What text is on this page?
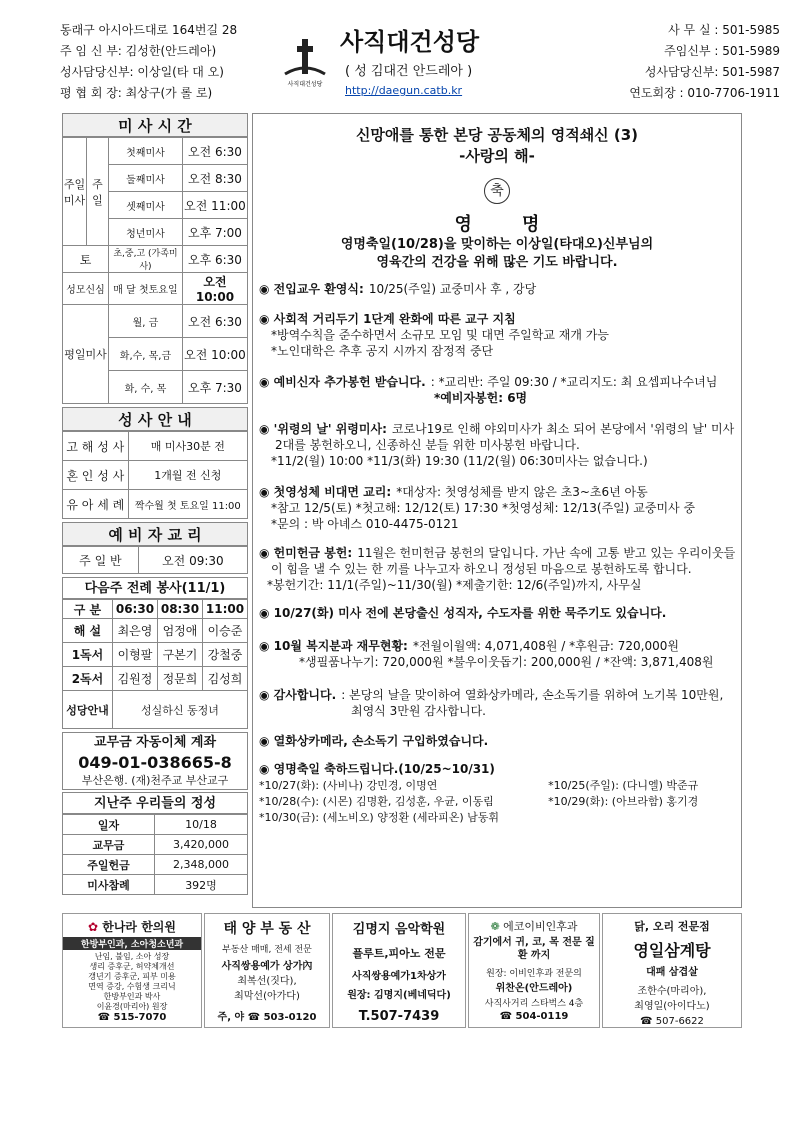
동래구 아시아드대로 164번길 28
주 임 신 부: 김성한(안드레아)
성사담당신부: 이상일(타 대 오)
평 협 회 장: 최상구(가 롤 로)
사직대건성당
사직대건성당
( 성 김대건 안드레아 )
http://daegun.catb.kr
사 무 실 : 501-5985
주임신부 : 501-5989
성사담당신부: 501-5987
연도회장 : 010-7706-1911
미 사 시 간
주일미사	주일	첫째미사	오전 6:30
		둘째미사	오전 8:30
		셋째미사	오전 11:00
		청년미사	오후 7:00
토		초,중,고 (가족미사)	오후 6:30
성모신심		매 달 첫토요일	오전 10:00
평일미사		월, 금	오전 6:30
		화,수, 목,금	오전 10:00
		화, 수, 목	오후 7:30
성 사 안 내
고 해 성 사	매 미사30분 전
혼 인 성 사	1개월 전 신청
유 아 세 례	짝수월 첫 토요일 11:00
예 비 자 교 리
주 일 반	오전 09:30
다음주 전례 봉사(11/1)
구 분	06:30	08:30	11:00
해 설	최은영	엄정애	이승준
1독서	이형팔	구본기	강철중
2독서	김원정	정문희	김성희
성당안내	성실하신 동정녀		
교무금 자동이체 계좌
049-01-038665-8
부산은행. (재)천주교 부산교구
지난주 우리들의 정성
일자	10/18
교무금	3,420,000
주일헌금	2,348,000
미사참례	392명
신망애를 통한 본당 공동체의 영적쇄신 (3)
-사랑의 해-
축
영        명
영명축일(10/28)을 맞이하는 이상일(타대오)신부님의
영육간의 건강을 위해 많은 기도 바랍니다.
◉ 전입교우 환영식: 10/25(주일) 교중미사 후 , 강당
◉ 사회적 거리두기 1단계 완화에 따른 교구 지침
*방역수칙을 준수하면서 소규모 모임 및 대면 주일학교 재개 가능
*노인대학은 추후 공지 시까지 잠정적 중단
◉ 예비신자 추가봉헌 받습니다. : *교리반: 주일 09:30 / *교리지도: 최 요셉피나수녀님
*예비자봉헌: 6명
◉ '위령의 날' 위령미사: 코로나19로 인해 야외미사가 최소 되어 본당에서 '위령의 날' 미사
2대를 봉헌하오니, 신종하신 분들 위한 미사봉헌 바랍니다.
*11/2(월) 10:00 *11/3(화) 19:30 (11/2(월) 06:30미사는 없습니다.)
◉ 첫영성체 비대면 교리: *대상자: 첫영성체를 받지 않은 초3~초6년 아동
*참고 12/5(토) *첫고해: 12/12(토) 17:30 *첫영성체: 12/13(주일) 교중미사 중
*문의 : 박 아녜스 010-4475-0121
◉ 헌미헌금 봉헌: 11월은 헌미헌금 봉헌의 달입니다. 가난 속에 고통 받고 있는 우리이웃들
이 힘을 낼 수 있는 한 끼를 나누고자 하오니 정성된 마음으로 봉헌하도록 합니다.
*봉헌기간: 11/1(주일)~11/30(월) *제출기한: 12/6(주일)까지, 사무실
◉ 10/27(화) 미사 전에 본당출신 성직자, 수도자를 위한 묵주기도 있습니다.
◉ 10월 복지분과 재무현황: *전월이월액: 4,071,408원 / *후원금: 720,000원
*생필품나누기: 720,000원 *불우이웃돕기: 200,000원 / *잔액: 3,871,408원
◉ 감사합니다. : 본당의 날을 맞이하여 열화상카메라, 손소독기를 위하여 노기복 10만원,
최영식 3만원 감사합니다.
◉ 열화상카메라, 손소독기 구입하였습니다.
◉ 영명축일 축하드립니다.(10/25~10/31)
*10/27(화): (사비나) 강민경, 이명연	*10/25(주일): (다니엘) 박준규
*10/28(수): (시몬) 김명환, 김성훈, 우균, 이동림	*10/29(화): (아브라함) 홍기경
*10/30(금): (세노비오) 양정환 (세라피온) 남동휘	
✿ 한나라 한의원
한방부인과, 소아청소년과
난임, 불임, 소아 성장
생리 증후군, 허약체개선
갱년기 증후군, 피부 미용
면역 증강, 수험생 크리닉
한방부인과 박사
이윤경(마리아) 원장
☎ 515-7070
태 양 부 동 산
부동산 매매, 전세 전문
사직쌍용예가 상가內
최복선(짓다),
최막선(아가다)
주, 야 ☎ 503-0120
김명지 음악학원
플루트,피아노 전문
사직쌍용예가1차상가
원장: 김명지(베네딕다)
T.507-7439
❁ 에코이비인후과
감기에서 귀, 코, 목 전문 질환 까지
원장: 이비인후과 전문의
위찬온(안드레아)
사직사거리 스타벅스 4층
☎ 504-0119
닭, 오리 전문점
영일삼계탕
대패 삼겹살
조한수(마리아),
최영일(아이다노)
☎ 507-6622
